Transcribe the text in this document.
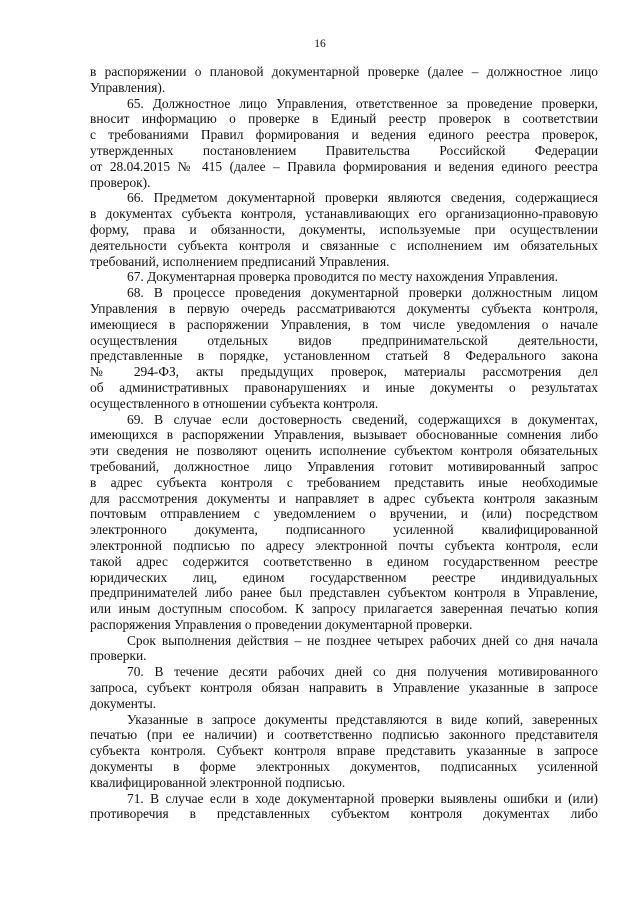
16
в распоряжении о плановой документарной проверке (далее – должностное лицо
Управления).
65. Должностное лицо Управления, ответственное за проведение проверки,
вносит информацию о проверке в Единый реестр проверок в соответствии
с требованиями Правил формирования и ведения единого реестра проверок,
утвержденных постановлением Правительства Российской Федерации
от 28.04.2015 № 415 (далее – Правила формирования и ведения единого реестра
проверок).
66. Предметом документарной проверки являются сведения, содержащиеся
в документах субъекта контроля, устанавливающих его организационно-правовую
форму, права и обязанности, документы, используемые при осуществлении
деятельности субъекта контроля и связанные с исполнением им обязательных
требований, исполнением предписаний Управления.
67. Документарная проверка проводится по месту нахождения Управления.
68. В процессе проведения документарной проверки должностным лицом
Управления в первую очередь рассматриваются документы субъекта контроля,
имеющиеся в распоряжении Управления, в том числе уведомления о начале
осуществления отдельных видов предпринимательской деятельности,
представленные в порядке, установленном статьей 8 Федерального закона
№ 294-ФЗ, акты предыдущих проверок, материалы рассмотрения дел
об административных правонарушениях и иные документы о результатах
осуществленного в отношении субъекта контроля.
69. В случае если достоверность сведений, содержащихся в документах,
имеющихся в распоряжении Управления, вызывает обоснованные сомнения либо
эти сведения не позволяют оценить исполнение субъектом контроля обязательных
требований, должностное лицо Управления готовит мотивированный запрос
в адрес субъекта контроля с требованием представить иные необходимые
для рассмотрения документы и направляет в адрес субъекта контроля заказным
почтовым отправлением с уведомлением о вручении, и (или) посредством
электронного документа, подписанного усиленной квалифицированной
электронной подписью по адресу электронной почты субъекта контроля, если
такой адрес содержится соответственно в едином государственном реестре
юридических лиц, едином государственном реестре индивидуальных
предпринимателей либо ранее был представлен субъектом контроля в Управление,
или иным доступным способом. К запросу прилагается заверенная печатью копия
распоряжения Управления о проведении документарной проверки.
Срок выполнения действия – не позднее четырех рабочих дней со дня начала
проверки.
70. В течение десяти рабочих дней со дня получения мотивированного
запроса, субъект контроля обязан направить в Управление указанные в запросе
документы.
Указанные в запросе документы представляются в виде копий, заверенных
печатью (при ее наличии) и соответственно подписью законного представителя
субъекта контроля. Субъект контроля вправе представить указанные в запросе
документы в форме электронных документов, подписанных усиленной
квалифицированной электронной подписью.
71. В случае если в ходе документарной проверки выявлены ошибки и (или)
противоречия в представленных субъектом контроля документах либо
